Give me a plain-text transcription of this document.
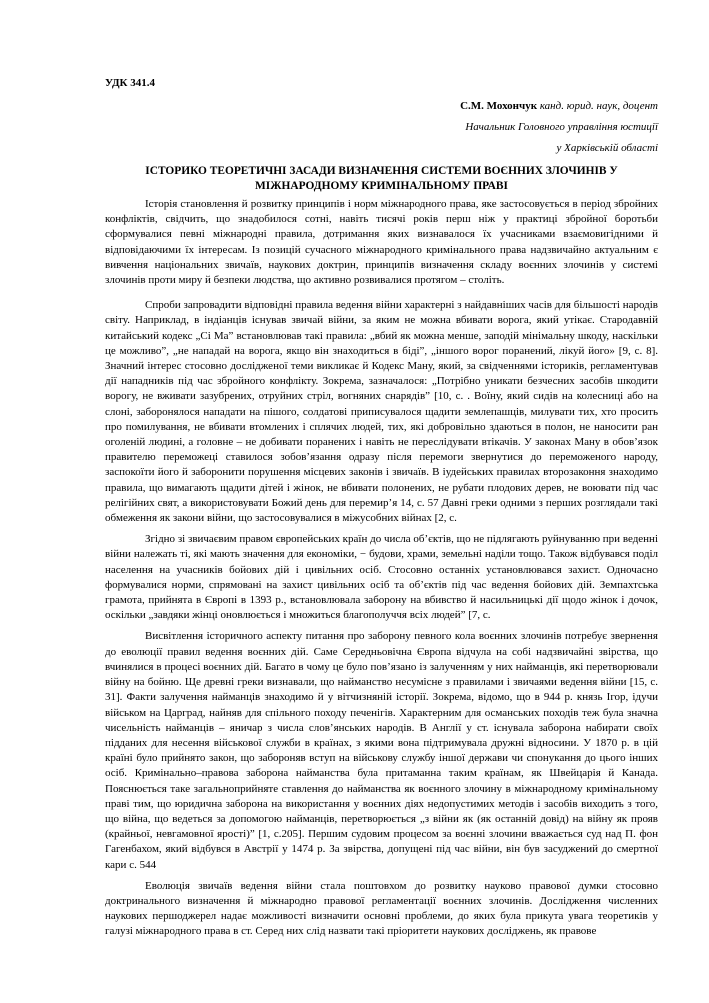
УДК 341.4
С.М. Мохончук канд. юрид. наук, доцент
Начальник Головного управління юстиції
у Харківській області
ІСТОРИКО ТЕОРЕТИЧНІ ЗАСАДИ ВИЗНАЧЕННЯ СИСТЕМИ ВОЄННИХ ЗЛОЧИНІВ У МІЖНАРОДНОМУ КРИМІНАЛЬНОМУ ПРАВІ

Історія становлення й розвитку принципів і норм міжнародного права, яке застосовується в період збройних конфліктів, свідчить, що знадобилося сотні, навіть тисячі років перш ніж у практиці збройної боротьби сформувалися певні міжнародні правила, дотримання яких визнавалося їх учасниками взаємовигідними й відповідаючими їх інтересам. Із позицій сучасного міжнародного кримінального права надзвичайно актуальним є вивчення національних звичаїв, наукових доктрин, принципів визначення складу воєнних злочинів у системі злочинів проти миру й безпеки людства, що активно розвивалися протягом – століть.

Спроби запровадити відповідні правила ведення війни характерні з найдавніших часів для більшості народів світу. Наприклад, в індіанців існував звичай війни, за яким не можна вбивати ворога, який утікає. Стародавній китайський кодекс „Сі Ма” встановлював такі правила: „вбий як можна менше, заподій мінімальну шкоду, наскільки це можливо”, „не нападай на ворога, якщо він знаходиться в біді”, „іншого ворог поранений, лікуй його» [9, с. 8]. Значний інтерес стосовно дослідженої теми викликає й Кодекс Ману, який, за свідченнями істориків, регламентував дії нападників під час збройного конфлікту. Зокрема, зазначалося: „Потрібно уникати безчесних засобів шкодити ворогу, не вживати зазубрених, отруйних стріл, вогняних снарядів” [10, с. . Воїну, який сидів на колесниці або на слоні, заборонялося нападати на пішого, солдатові приписувалося щадити землепашців, милувати тих, хто просить про помилування, не вбивати втомлених і сплячих людей, тих, які добровільно здаються в полон, не наносити ран оголеній людині, а головне – не добивати поранених і навіть не переслідувати втікачів. У законах Ману в обов’язок правителю переможеці ставилося зобов’язання одразу після перемоги звернутися до переможеного народу, заспокоїти його й заборонити порушення місцевих законів і звичаїв. В іудейських правилах второзаконня знаходимо правила, що вимагають щадити дітей і жінок, не вбивати полонених, не рубати плодових дерев, не воювати під час релігійних свят, а використовувати Божий день для перемир’я 14, с. 57 Давні греки одними з перших розглядали такі обмеження як закони війни, що застосовувалися в міжусобних війнах [2, с.

Згідно зі звичаєвим правом європейських країн до числа об’єктів, що не підлягають руйнуванню при веденні війни належать ті, які мають значення для економіки, − будови, храми, земельні наділи тощо. Також відбувався поділ населення на учасників бойових дій і цивільних осіб. Стосовно останніх установлювався захист. Одночасно формувалися норми, спрямовані на захист цивільних осіб та об’єктів під час ведення бойових дій. Земпахтська грамота, прийнята в Європі в 1393 р., встановлювала заборону на вбивство й насильницькі дії щодо жінок і дочок, оскільки „завдяки жінці оновлюється і множиться благополуччя всіх людей” [7, с.

Висвітлення історичного аспекту питання про заборону певного кола воєнних злочинів потребує звернення до еволюції правил ведення воєнних дій. Саме Середньовічна Європа відчула на собі надзвичайні звірства, що вчинялися в процесі воєнних дій. Багато в чому це було пов’язано із залученням у них найманців, які перетворювали війну на бойню. Ще древні греки визнавали, що найманство несумісне з правилами і звичаями ведення війни [15, с. 31]. Факти залучення найманців знаходимо й у вітчизняній історії. Зокрема, відомо, що в 944 р. князь Ігор, ідучи військом на Царград, найняв для спільного походу печенігів. Характерним для османських походів теж була значна чисельність найманців – яничар з числа слов’янських народів. В Англії у ст. існувала заборона набирати своїх підданих для несення військової служби в країнах, з якими вона підтримувала дружні відносини. У 1870 р. в цій країні було прийнято закон, що забороняв вступ на військову службу іншої держави чи спонукання до цього інших осіб. Кримінально–правова заборона найманства була притаманна таким країнам, як Швейцарія й Канада. Пояснюється таке загальноприйняте ставлення до найманства як воєнного злочину в міжнародному кримінальному праві тим, що юридична заборона на використання у воєнних діях недопустимих методів і засобів виходить з того, що війна, що ведеться за допомогою найманців, перетворюється „з війни як (як останній довід) на війну як прояв (крайньої, невгамовної ярості)” [1, с.205]. Першим судовим процесом за воєнні злочини вважається суд над П. фон Гагенбахом, який відбувся в Австрії у 1474 р. За звірства, допущені під час війни, він був засуджений до смертної кари с. 544

Еволюція звичаїв ведення війни стала поштовхом до розвитку науково правової думки стосовно доктринального визначення й міжнародно правової регламентації воєнних злочинів. Дослідження численних наукових першоджерел надає можливості визначити основні проблеми, до яких була прикута увага теоретиків у галузі міжнародного права в ст. Серед них слід назвати такі пріоритети наукових досліджень, як правове
